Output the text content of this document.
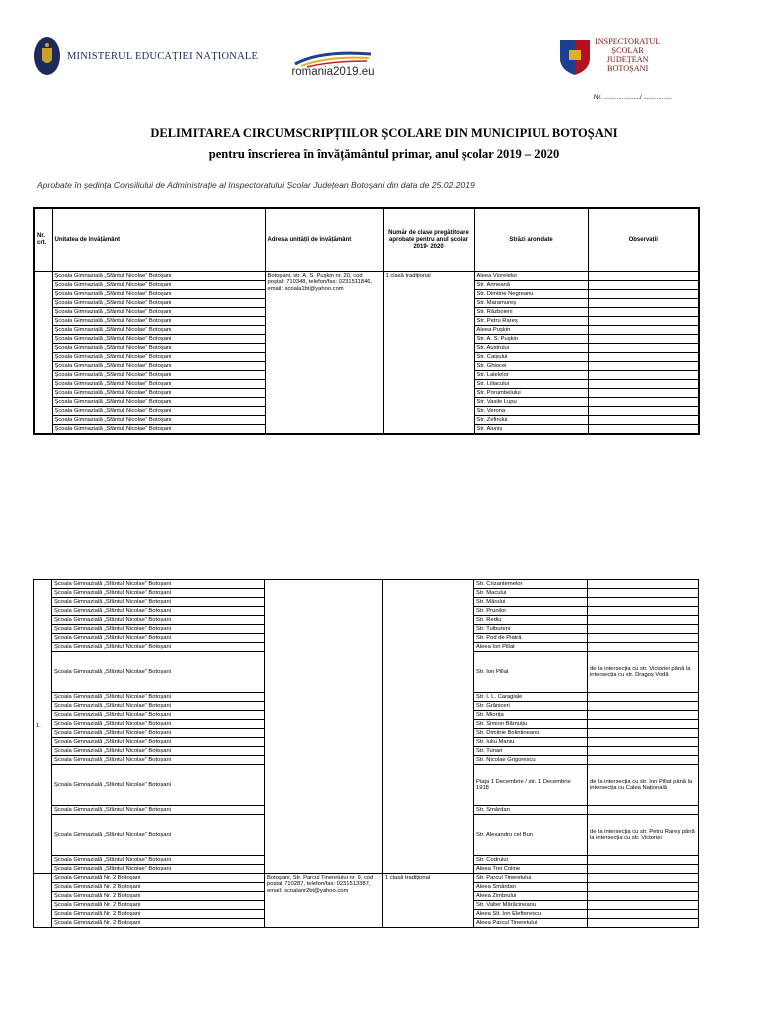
MINISTERUL EDUCAȚIEI NAȚIONALE
romania2019.eu
INSPECTORATUL
ȘCOLAR
JUDEȚEAN
BOTOȘANI
Nr. ....................../ .................
DELIMITAREA CIRCUMSCRIPȚIILOR ȘCOLARE DIN MUNICIPIUL BOTOȘANI
pentru înscrierea în învățământul primar, anul școlar 2019 – 2020
Aprobate în ședința Consiliului de Administrație al Inspectoratului Școlar Județean Botoșani din data de 25.02.2019
Nr. crt.	Unitatea de învățământ	Adresa unității de învățământ	Număr de clase pregătitoare aprobate pentru anul școlar 2019- 2020	Străzi arondate	Observații
	Școala Gimnazială „Sfântul Nicolae” Botoșani	Botoșani, str. A. S. Pușkin nr. 20, cod poștal: 710348, telefon/fax: 0231511846, email: scoala1bt@yahoo.com	1 clasă tradițional	Aleea Viorelelor	
	Școala Gimnazială „Sfântul Nicolae” Botoșani			Str. Armeană	
	Școala Gimnazială „Sfântul Nicolae” Botoșani			Str. Dimitrie Negreanu	
	Școala Gimnazială „Sfântul Nicolae” Botoșani			Str. Maramureș	
	Școala Gimnazială „Sfântul Nicolae” Botoșani			Str. Războieni	
	Școala Gimnazială „Sfântul Nicolae” Botoșani			Str. Petru Rareș	
	Școala Gimnazială „Sfântul Nicolae” Botoșani			Aleea Pușkin	
	Școala Gimnazială „Sfântul Nicolae” Botoșani			Str. A. S. Pușkin	
	Școala Gimnazială „Sfântul Nicolae” Botoșani			Str. Austrului	
	Școala Gimnazială „Sfântul Nicolae” Botoșani			Str. Caișului	
	Școala Gimnazială „Sfântul Nicolae” Botoșani			Str. Ghiocei	
	Școala Gimnazială „Sfântul Nicolae” Botoșani			Str. Lalelelor	
	Școala Gimnazială „Sfântul Nicolae” Botoșani			Str. Liliacului	
	Școala Gimnazială „Sfântul Nicolae” Botoșani			Str. Porumbelului	
	Școala Gimnazială „Sfântul Nicolae” Botoșani			Str. Vasile Lupu	
	Școala Gimnazială „Sfântul Nicolae” Botoșani			Str. Verona	
	Școala Gimnazială „Sfântul Nicolae” Botoșani			Str. Zefirului	
	Școala Gimnazială „Sfântul Nicolae” Botoșani			Str. Aluniș	
1.	Școala Gimnazială „Sfântul Nicolae” Botoșani			Str. Crizantemelor	
	Școala Gimnazială „Sfântul Nicolae” Botoșani			Str. Macului	
	Școala Gimnazială „Sfântul Nicolae” Botoșani			Str. Mărului	
	Școala Gimnazială „Sfântul Nicolae” Botoșani			Str. Prunilor	
	Școala Gimnazială „Sfântul Nicolae” Botoșani			Str. Rediu	
	Școala Gimnazială „Sfântul Nicolae” Botoșani			Str. Tulbureni	
	Școala Gimnazială „Sfântul Nicolae” Botoșani			Str. Pod de Piatră	
	Școala Gimnazială „Sfântul Nicolae” Botoșani			Aleea Ion Pillat	
	Școala Gimnazială „Sfântul Nicolae” Botoșani			Str. Ion Pillat	de la intersecția cu str. Victoriei până la intersecția cu str. Dragoș Vodă
	Școala Gimnazială „Sfântul Nicolae” Botoșani			Str. I. L. Caragiale	
	Școala Gimnazială „Sfântul Nicolae” Botoșani			Str. Grăniceri	
	Școala Gimnazială „Sfântul Nicolae” Botoșani			Str. Miorița	
	Școala Gimnazială „Sfântul Nicolae” Botoșani			Str. Simion Bărnuțiu	
	Școala Gimnazială „Sfântul Nicolae” Botoșani			Str. Dimitrie Bolintineanu	
	Școala Gimnazială „Sfântul Nicolae” Botoșani			Str. Iuliu Maniu	
	Școala Gimnazială „Sfântul Nicolae” Botoșani			Str. Tunari	
	Școala Gimnazială „Sfântul Nicolae” Botoșani			Str. Nicolae Grigorescu	
	Școala Gimnazială „Sfântul Nicolae” Botoșani			Piața 1 Decembrie / str. 1 Decembrie 1918	de la intersecția cu str. Ion Pillat până la intersecția cu Calea Națională
	Școala Gimnazială „Sfântul Nicolae” Botoșani			Str. Smârdan	
	Școala Gimnazială „Sfântul Nicolae” Botoșani			Str. Alexandru cel Bun	de la intersecția cu str. Petru Rareș până la intersecția cu str. Victoriei
	Școala Gimnazială „Sfântul Nicolae” Botoșani			Str. Codrului	
	Școala Gimnazială „Sfântul Nicolae” Botoșani			Aleea Trei Coline	
	Școala Gimnazială Nr. 2 Botoșani	Botoșani, Str. Parcul Tineretului nr. 9, cod poștal 710287, telefon/fax: 0231513387, email: scoalanr2bt@yahoo.com	1 clasă tradițional	Str. Parcul Tineretului	
	Școala Gimnazială Nr. 2 Botoșani			Aleea Smârdan	
	Școala Gimnazială Nr. 2 Botoșani			Aleea Zimbrului	
	Școala Gimnazială Nr. 2 Botoșani			Str. Valter Mărăcineanu	
	Școala Gimnazială Nr. 2 Botoșani			Aleea Slt. Ion Elefterescu	
	Școala Gimnazială Nr. 2 Botoșani			Aleea Parcul Tineretului	
